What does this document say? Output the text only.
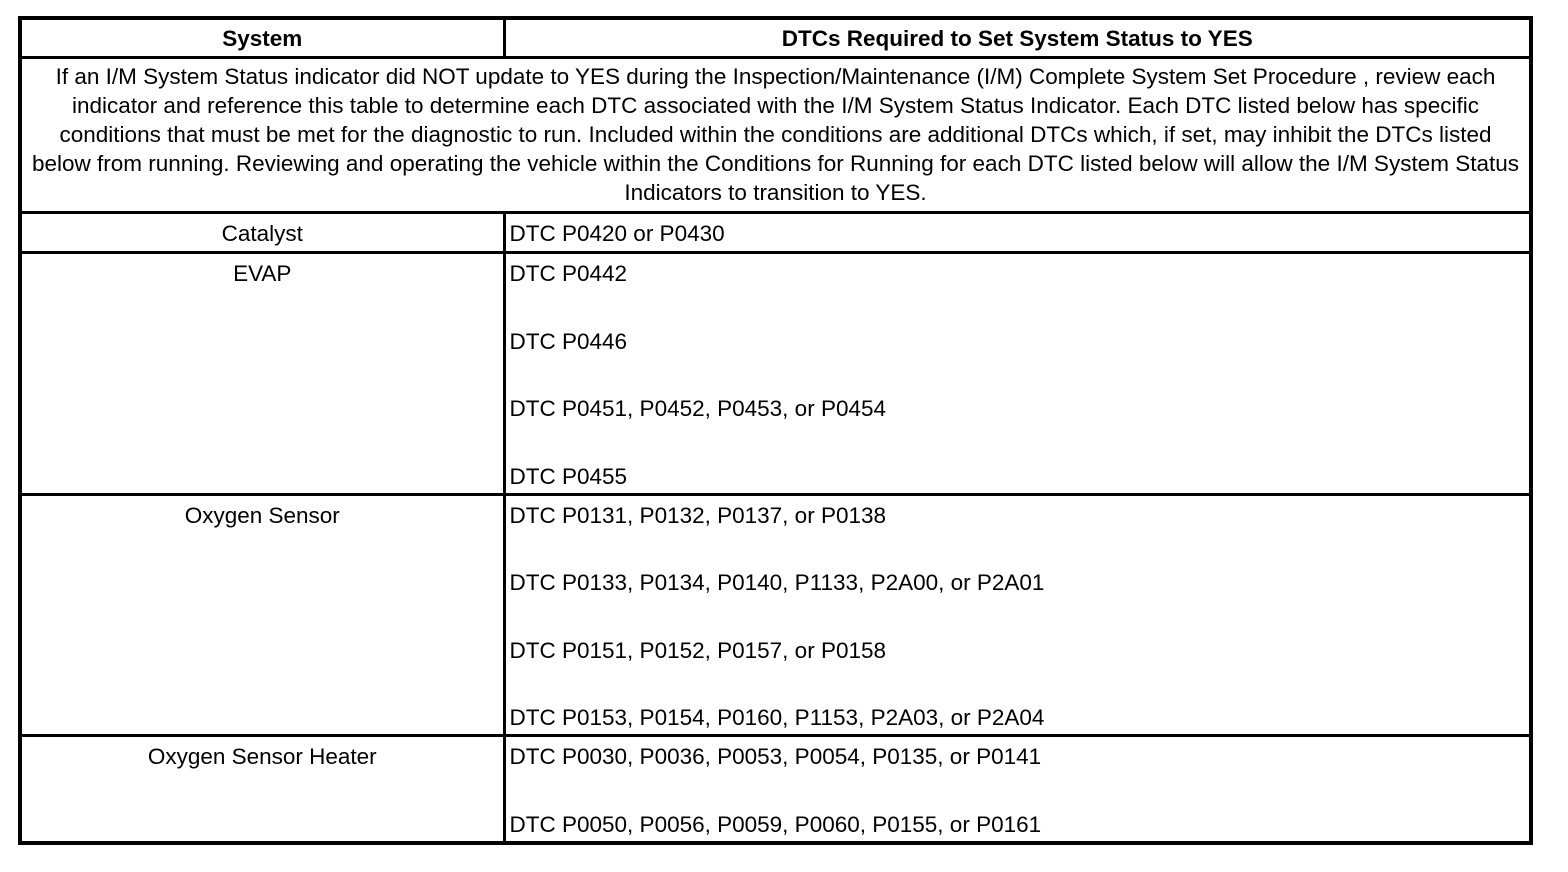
System	DTCs Required to Set System Status to YES
If an I/M System Status indicator did NOT update to YES during the Inspection/Maintenance (I/M) Complete System Set Procedure , review each indicator and reference this table to determine each DTC associated with the I/M System Status Indicator. Each DTC listed below has specific conditions that must be met for the diagnostic to run. Included within the conditions are additional DTCs which, if set, may inhibit the DTCs listed below from running. Reviewing and operating the vehicle within the Conditions for Running for each DTC listed below will allow the I/M System Status Indicators to transition to YES.	
Catalyst	DTC P0420 or P0430
EVAP	DTC P0442
DTC P0446
DTC P0451, P0452, P0453, or P0454
DTC P0455

Oxygen Sensor	DTC P0131, P0132, P0137, or P0138
DTC P0133, P0134, P0140, P1133, P2A00, or P2A01
DTC P0151, P0152, P0157, or P0158
DTC P0153, P0154, P0160, P1153, P2A03, or P2A04

Oxygen Sensor Heater	DTC P0030, P0036, P0053, P0054, P0135, or P0141
DTC P0050, P0056, P0059, P0060, P0155, or P0161
